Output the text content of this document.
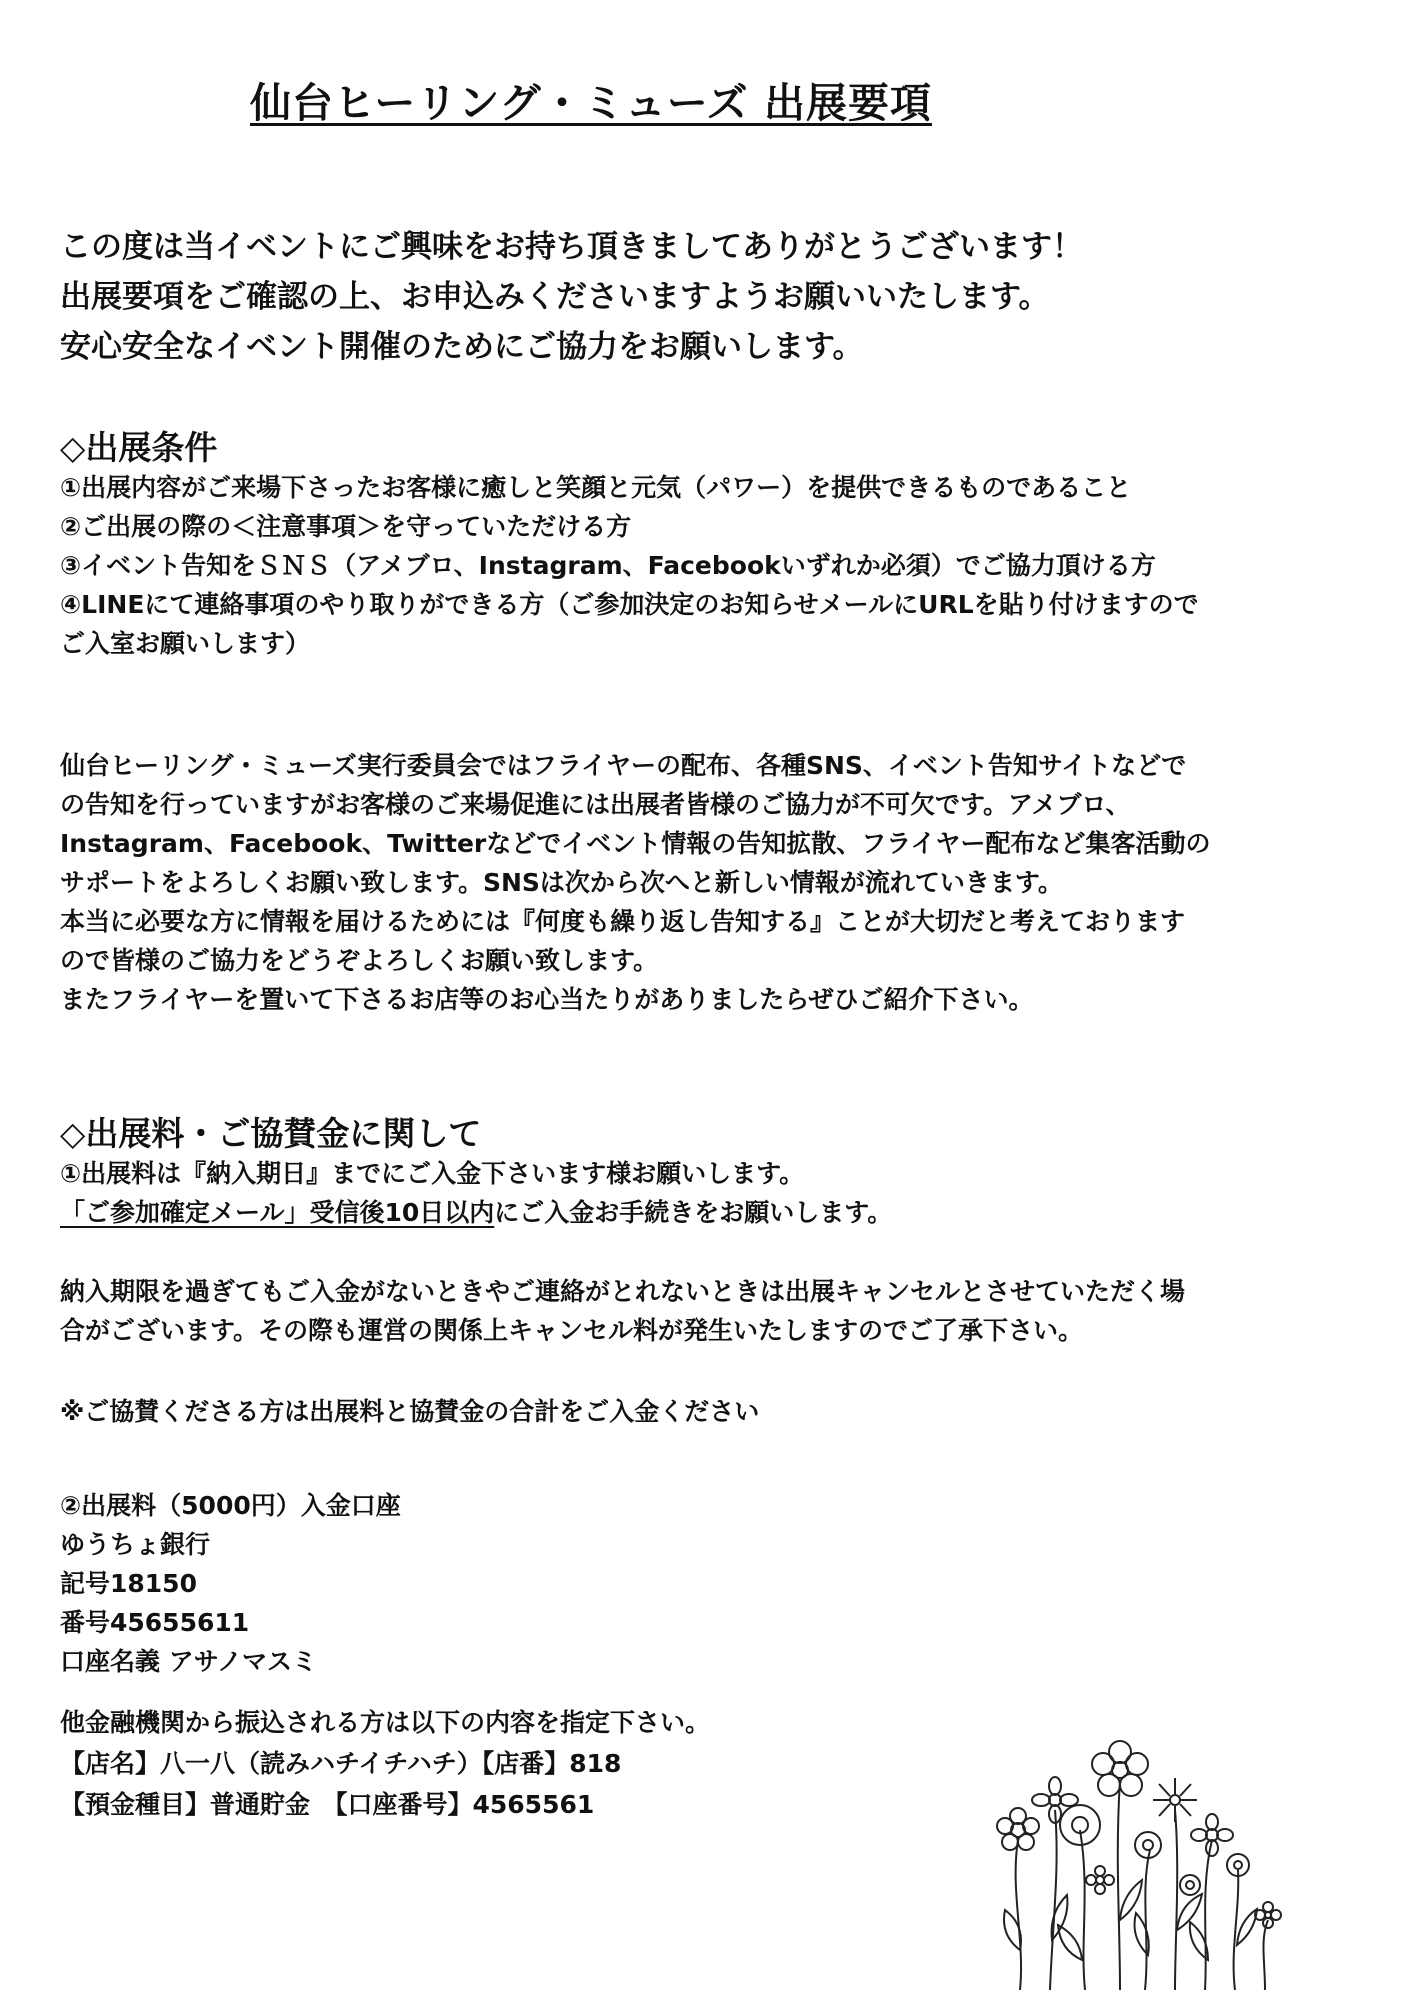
仙台ヒーリング・ミューズ 出展要項
この度は当イベントにご興味をお持ち頂きましてありがとうございます！
出展要項をご確認の上、お申込みくださいますようお願いいたします。
安心安全なイベント開催のためにご協力をお願いします。
◇出展条件
①出展内容がご来場下さったお客様に癒しと笑顔と元気（パワー）を提供できるものであること
②ご出展の際の＜注意事項＞を守っていただける方
③イベント告知をＳＮＳ（アメブロ、Instagram、Facebookいずれか必須）でご協力頂ける方
④LINEにて連絡事項のやり取りができる方（ご参加決定のお知らせメールにURLを貼り付けますので
ご入室お願いします）
仙台ヒーリング・ミューズ実行委員会ではフライヤーの配布、各種SNS、イベント告知サイトなどで
の告知を行っていますがお客様のご来場促進には出展者皆様のご協力が不可欠です。アメブロ、
Instagram、Facebook、Twitterなどでイベント情報の告知拡散、フライヤー配布など集客活動の
サポートをよろしくお願い致します。SNSは次から次へと新しい情報が流れていきます。
本当に必要な方に情報を届けるためには『何度も繰り返し告知する』ことが大切だと考えております
ので皆様のご協力をどうぞよろしくお願い致します。
またフライヤーを置いて下さるお店等のお心当たりがありましたらぜひご紹介下さい。
◇出展料・ご協賛金に関して
①出展料は『納入期日』までにご入金下さいます様お願いします。
「ご参加確定メール」受信後10日以内にご入金お手続きをお願いします。
納入期限を過ぎてもご入金がないときやご連絡がとれないときは出展キャンセルとさせていただく場
合がございます。その際も運営の関係上キャンセル料が発生いたしますのでご了承下さい。
※ご協賛くださる方は出展料と協賛金の合計をご入金ください
②出展料（5000円）入金口座
ゆうちょ銀行
記号18150
番号45655611
口座名義 アサノマスミ
他金融機関から振込される方は以下の内容を指定下さい。
【店名】八一八（読みハチイチハチ）【店番】818
【預金種目】普通貯金　【口座番号】4565561
